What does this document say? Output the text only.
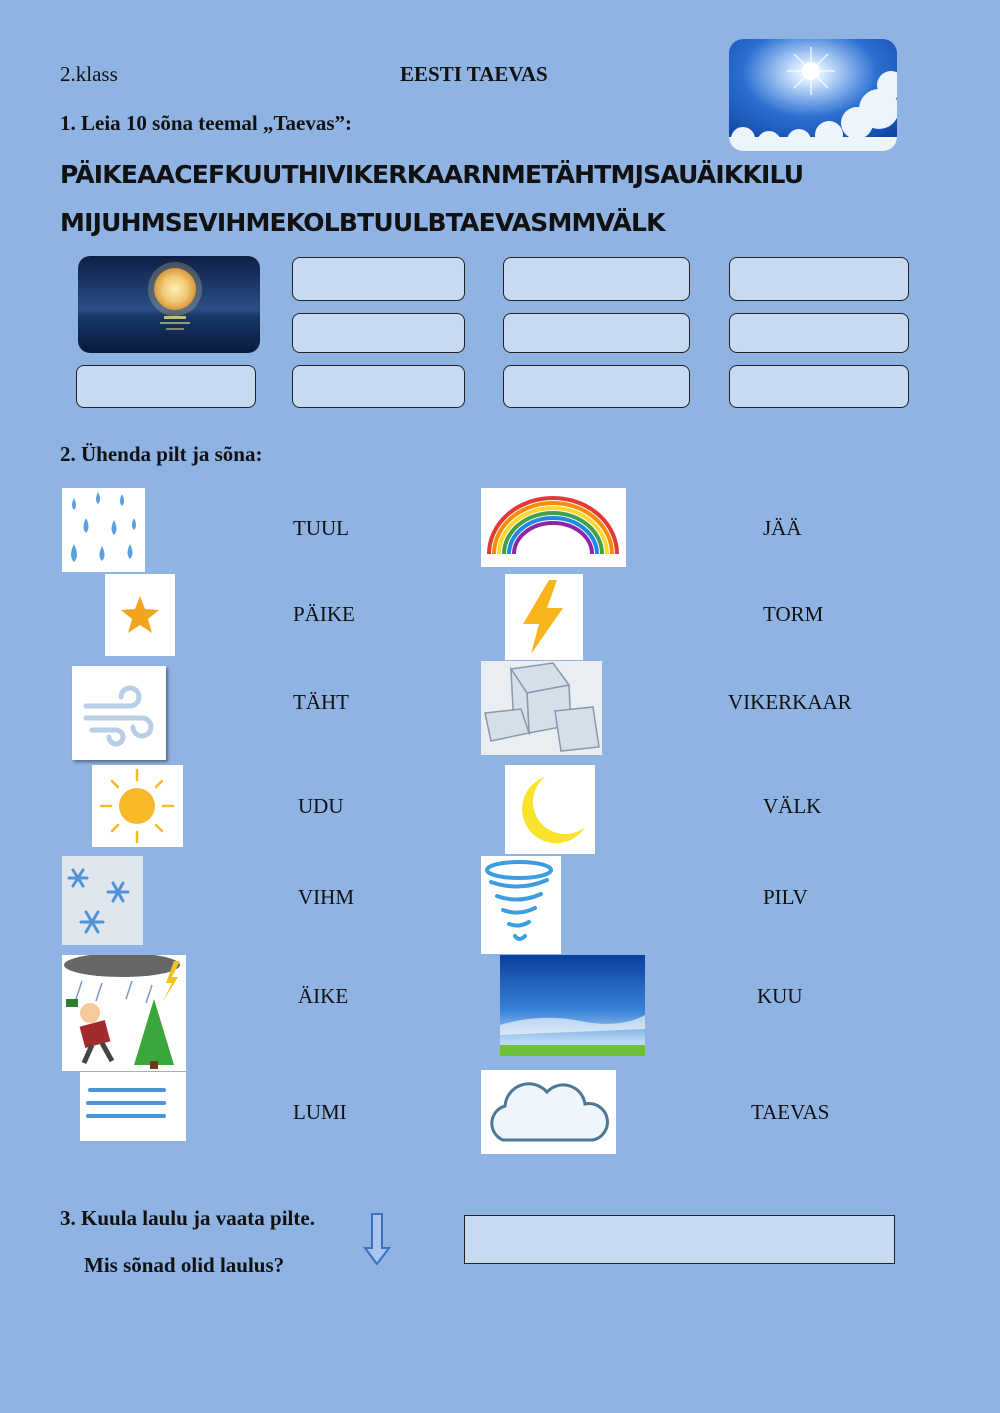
2.klass	EESTI TAEVAS
1. Leia 10 sõna teemal „Taevas”:
PÄIKEAACEFKUUTHIVIKERKAARNMETÄHTMJSAUÄIKKILU
MIJUHMSEVIHMEKOLBTUULBTAEVASMMVÄLK
2. Ühenda pilt ja sõna:
TUUL
PÄIKE
TÄHT
UDU
VIHM
ÄIKE
LUMI
JÄÄ
TORM
VIKERKAAR
VÄLK
PILV
KUU
TAEVAS
3. Kuula laulu ja vaata pilte.
Mis sõnad olid laulus?
